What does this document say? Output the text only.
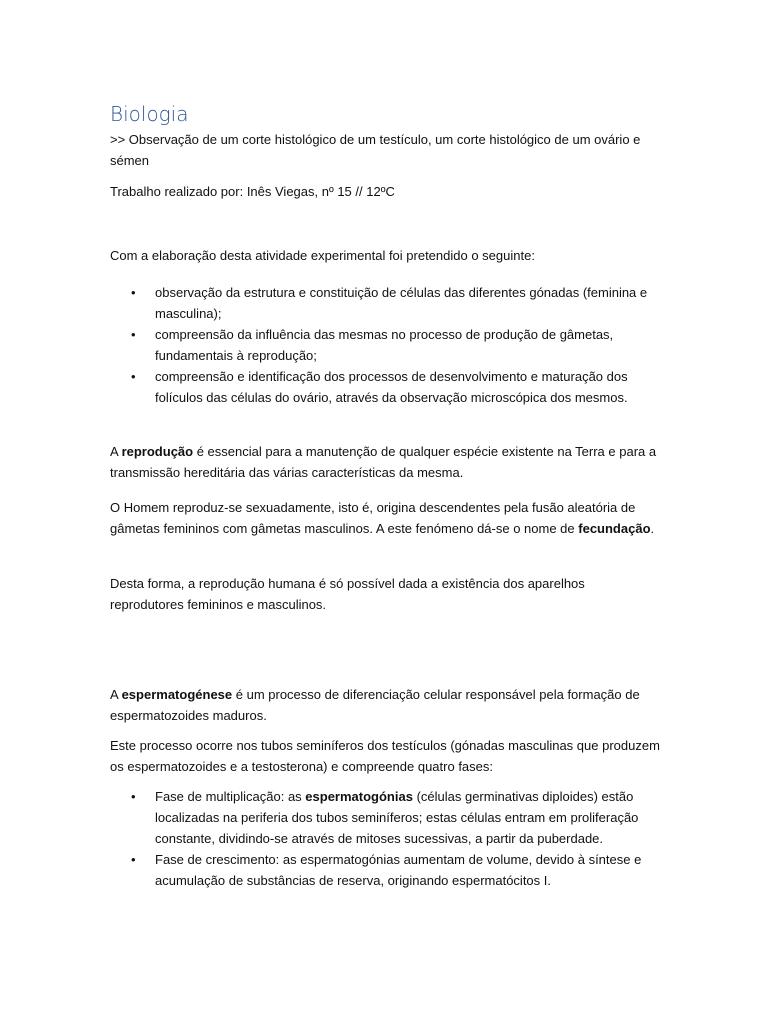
Biologia

>> Observação de um corte histológico de um testículo, um corte histológico de um ovário e sémen

Trabalho realizado por: Inês Viegas, nº 15 // 12ºC

Com a elaboração desta atividade experimental foi pretendido o seguinte:

• observação da estrutura e constituição de células das diferentes gónadas (feminina e masculina);
• compreensão da influência das mesmas no processo de produção de gâmetas, fundamentais à reprodução;
• compreensão e identificação dos processos de desenvolvimento e maturação dos folículos das células do ovário, através da observação microscópica dos mesmos.

A reprodução é essencial para a manutenção de qualquer espécie existente na Terra e para a transmissão hereditária das várias características da mesma.

O Homem reproduz-se sexuadamente, isto é, origina descendentes pela fusão aleatória de gâmetas femininos com gâmetas masculinos. A este fenómeno dá-se o nome de fecundação.

Desta forma, a reprodução humana é só possível dada a existência dos aparelhos reprodutores femininos e masculinos.

A espermatogénese é um processo de diferenciação celular responsável pela formação de espermatozoides maduros.

Este processo ocorre nos tubos seminíferos dos testículos (gónadas masculinas que produzem os espermatozoides e a testosterona) e compreende quatro fases:

• Fase de multiplicação: as espermatogónias (células germinativas diploides) estão localizadas na periferia dos tubos seminíferos; estas células entram em proliferação constante, dividindo-se através de mitoses sucessivas, a partir da puberdade.
• Fase de crescimento: as espermatogónias aumentam de volume, devido à síntese e acumulação de substâncias de reserva, originando espermatócitos I.
